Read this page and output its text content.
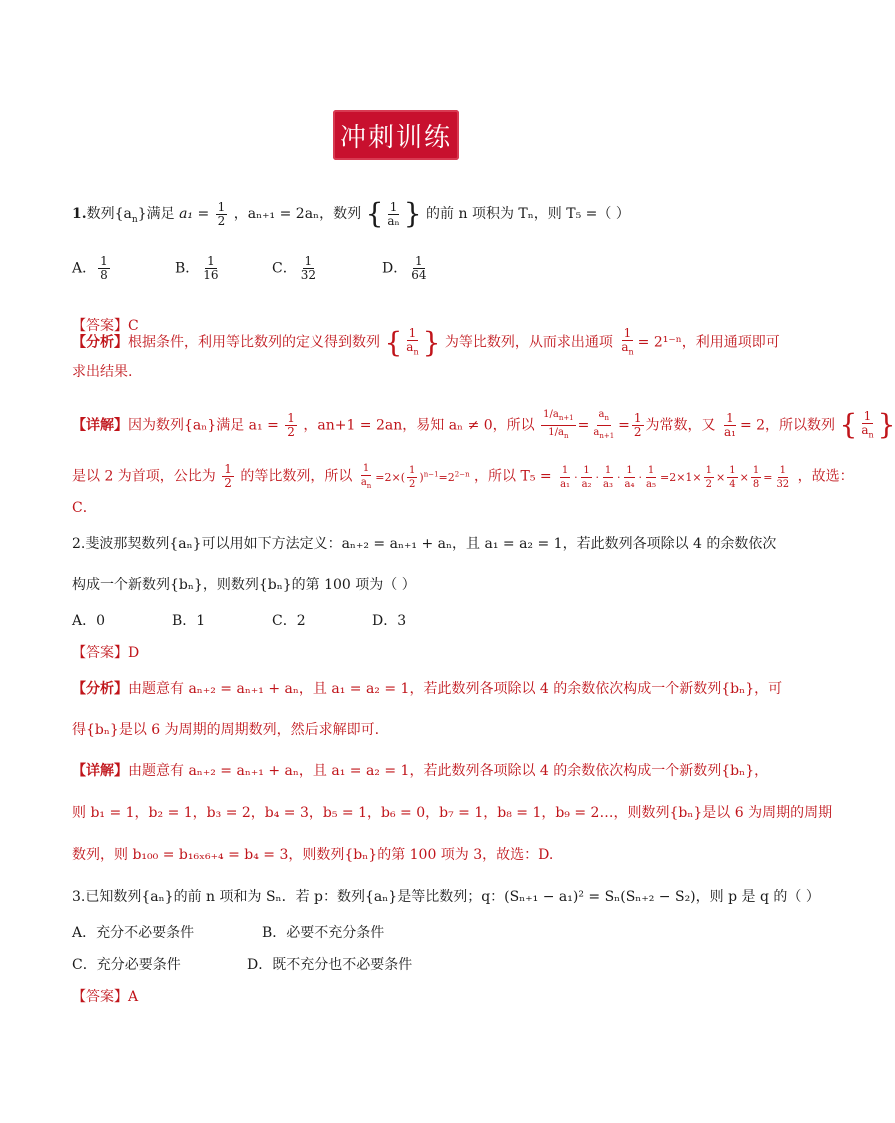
冲刺训练
1.数列$\{a_n\}$满足 $a_1 = \frac{1}{2}$ ，aₙ₊₁ = 2aₙ，数列 { $\frac{1}{\text{aₙ}}$ } 的前 n 项积为 Tₙ，则 T₅ =（ ）
A． $\frac{1}{8}$	B． $\frac{1}{16}$	C． $\frac{1}{32}$	D． $\frac{1}{64}$
【答案】C
【分析】根据条件，利用等比数列的定义得到数列 { $\frac{1}{a_n}$ } 为等比数列，从而求出通项 $\frac{1}{a_n} = 2^{1-n}$，利用通项即可
求出结果.
【详解】因为数列{aₙ}满足 $a_1 = \frac{1}{2}$ ，an+1 = 2an，易知 aₙ ≠ 0，所以 $\frac{1/a_{n+1}}{1/a_n} = \frac{a_n}{a_{n+1}} = \frac{1}{2}$ 为常数，又 $\frac{1}{\text{a₁}} = 2$，所以数列 { $\frac{1}{a_n}$ }
是以 2 为首项，公比为 $\frac{1}{2}$ 的等比数列，所以 $\frac{1}{a_n} =2\times( \frac{1}{2} )^{n-1}=2^{2-n}$ ，所以 $T_5 = \frac{1}{\text{a₁}} \cdot \frac{1}{\text{a₂}} \cdot \frac{1}{\text{a₃}} \cdot \frac{1}{\text{a₄}} \cdot \frac{1}{\text{a₅}} =2\times 1\times \frac{1}{2} \times \frac{1}{4} \times \frac{1}{8} = \frac{1}{32}$ ，故选：
C．
2.斐波那契数列{aₙ}可以用如下方法定义：aₙ₊₂ = aₙ₊₁ + aₙ，且 a₁ = a₂ = 1，若此数列各项除以 4 的余数依次
构成一个新数列{bₙ}，则数列{bₙ}的第 100 项为（ ）
A．0	B．1	C．2	D．3
【答案】D
【分析】由题意有 aₙ₊₂ = aₙ₊₁ + aₙ，且 a₁ = a₂ = 1，若此数列各项除以 4 的余数依次构成一个新数列{bₙ}，可
得{bₙ}是以 6 为周期的周期数列，然后求解即可.
【详解】由题意有 aₙ₊₂ = aₙ₊₁ + aₙ，且 a₁ = a₂ = 1，若此数列各项除以 4 的余数依次构成一个新数列{bₙ}，
则 b₁ = 1，b₂ = 1，b₃ = 2，b₄ = 3，b₅ = 1，b₆ = 0，b₇ = 1，b₈ = 1，b₉ = 2…，则数列{bₙ}是以 6 为周期的周期
数列，则 b₁₀₀ = b₁₆ₓ₆₊₄ = b₄ = 3，则数列{bₙ}的第 100 项为 3，故选：D.
3.已知数列{aₙ}的前 n 项和为 Sₙ．若 p：数列{aₙ}是等比数列；q：(Sₙ₊₁ − a₁)² = Sₙ(Sₙ₊₂ − S₂)，则 p 是 q 的（ ）
A．充分不必要条件	B．必要不充分条件
C．充分必要条件	D．既不充分也不必要条件
【答案】A
